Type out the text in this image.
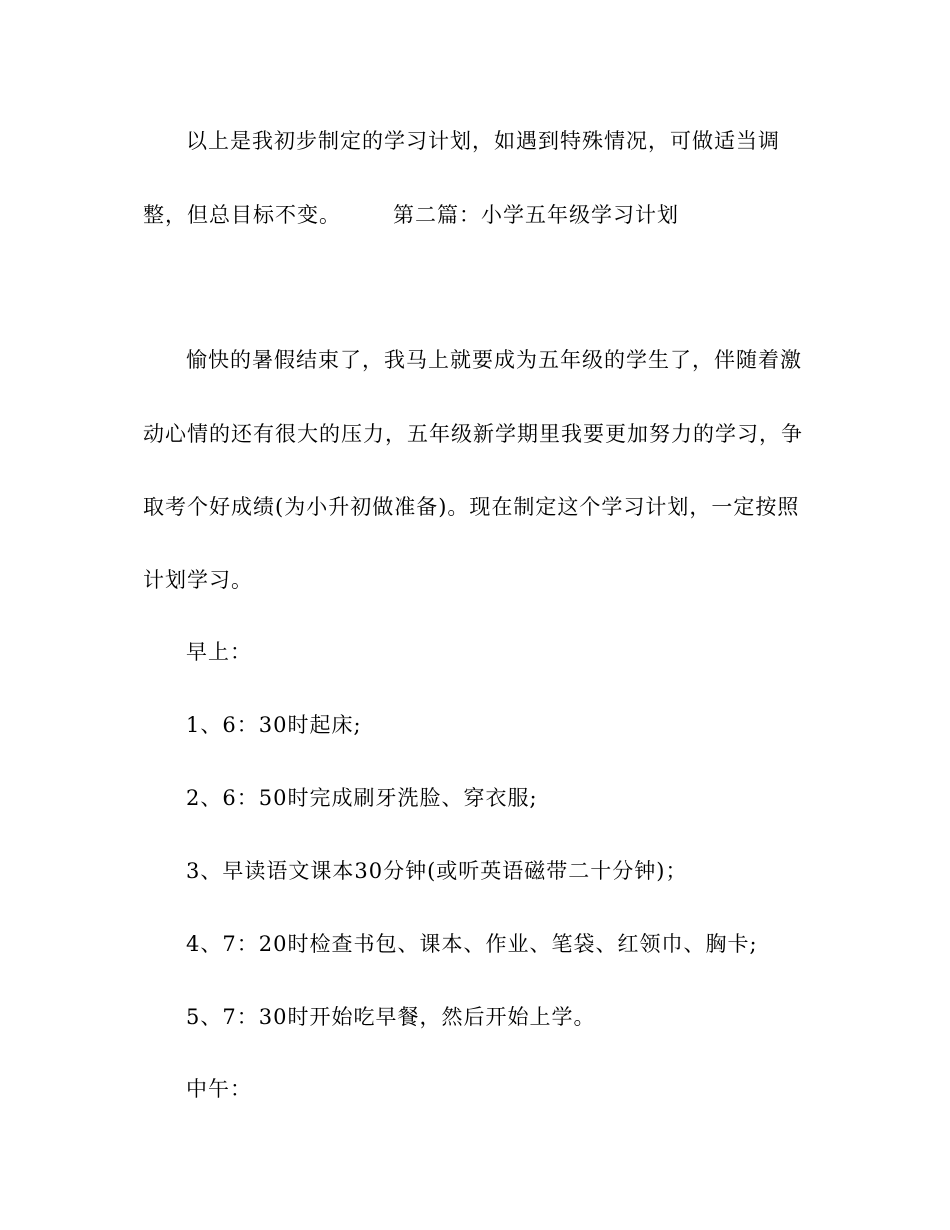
以上是我初步制定的学习计划，如遇到特殊情况，可做适当调
整，但总目标不变。 第二篇：小学五年级学习计划
愉快的暑假结束了，我马上就要成为五年级的学生了，伴随着激
动心情的还有很大的压力，五年级新学期里我要更加努力的学习，争
取考个好成绩(为小升初做准备)。现在制定这个学习计划，一定按照
计划学习。
早上：
1、6：30时起床;
2、6：50时完成刷牙洗脸、穿衣服;
3、早读语文课本30分钟(或听英语磁带二十分钟)；
4、7：20时检查书包、课本、作业、笔袋、红领巾、胸卡;
5、7：30时开始吃早餐，然后开始上学。
中午：
